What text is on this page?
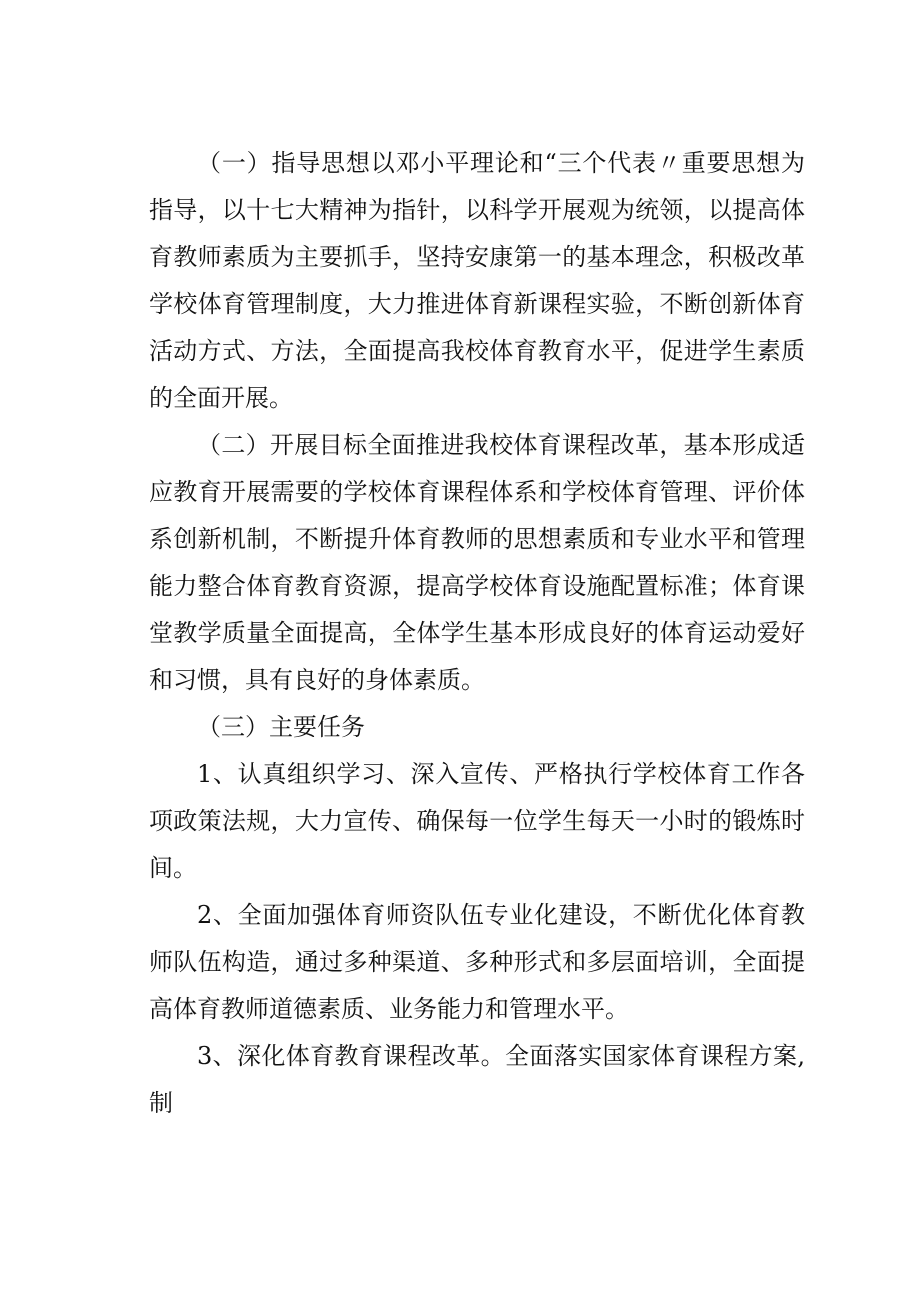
（一）指导思想以邓小平理论和“三个代表〃重要思想为指导，以十七大精神为指针，以科学开展观为统领，以提高体育教师素质为主要抓手，坚持安康第一的基本理念，积极改革学校体育管理制度，大力推进体育新课程实验，不断创新体育活动方式、方法，全面提高我校体育教育水平，促进学生素质的全面开展。

（二）开展目标全面推进我校体育课程改革，基本形成适应教育开展需要的学校体育课程体系和学校体育管理、评价体系创新机制，不断提升体育教师的思想素质和专业水平和管理能力整合体育教育资源，提高学校体育设施配置标准；体育课堂教学质量全面提高，全体学生基本形成良好的体育运动爱好和习惯，具有良好的身体素质。

（三）主要任务

1、认真组织学习、深入宣传、严格执行学校体育工作各项政策法规，大力宣传、确保每一位学生每天一小时的锻炼时间。

2、全面加强体育师资队伍专业化建设，不断优化体育教师队伍构造，通过多种渠道、多种形式和多层面培训，全面提高体育教师道德素质、业务能力和管理水平。

3、深化体育教育课程改革。全面落实国家体育课程方案,制
